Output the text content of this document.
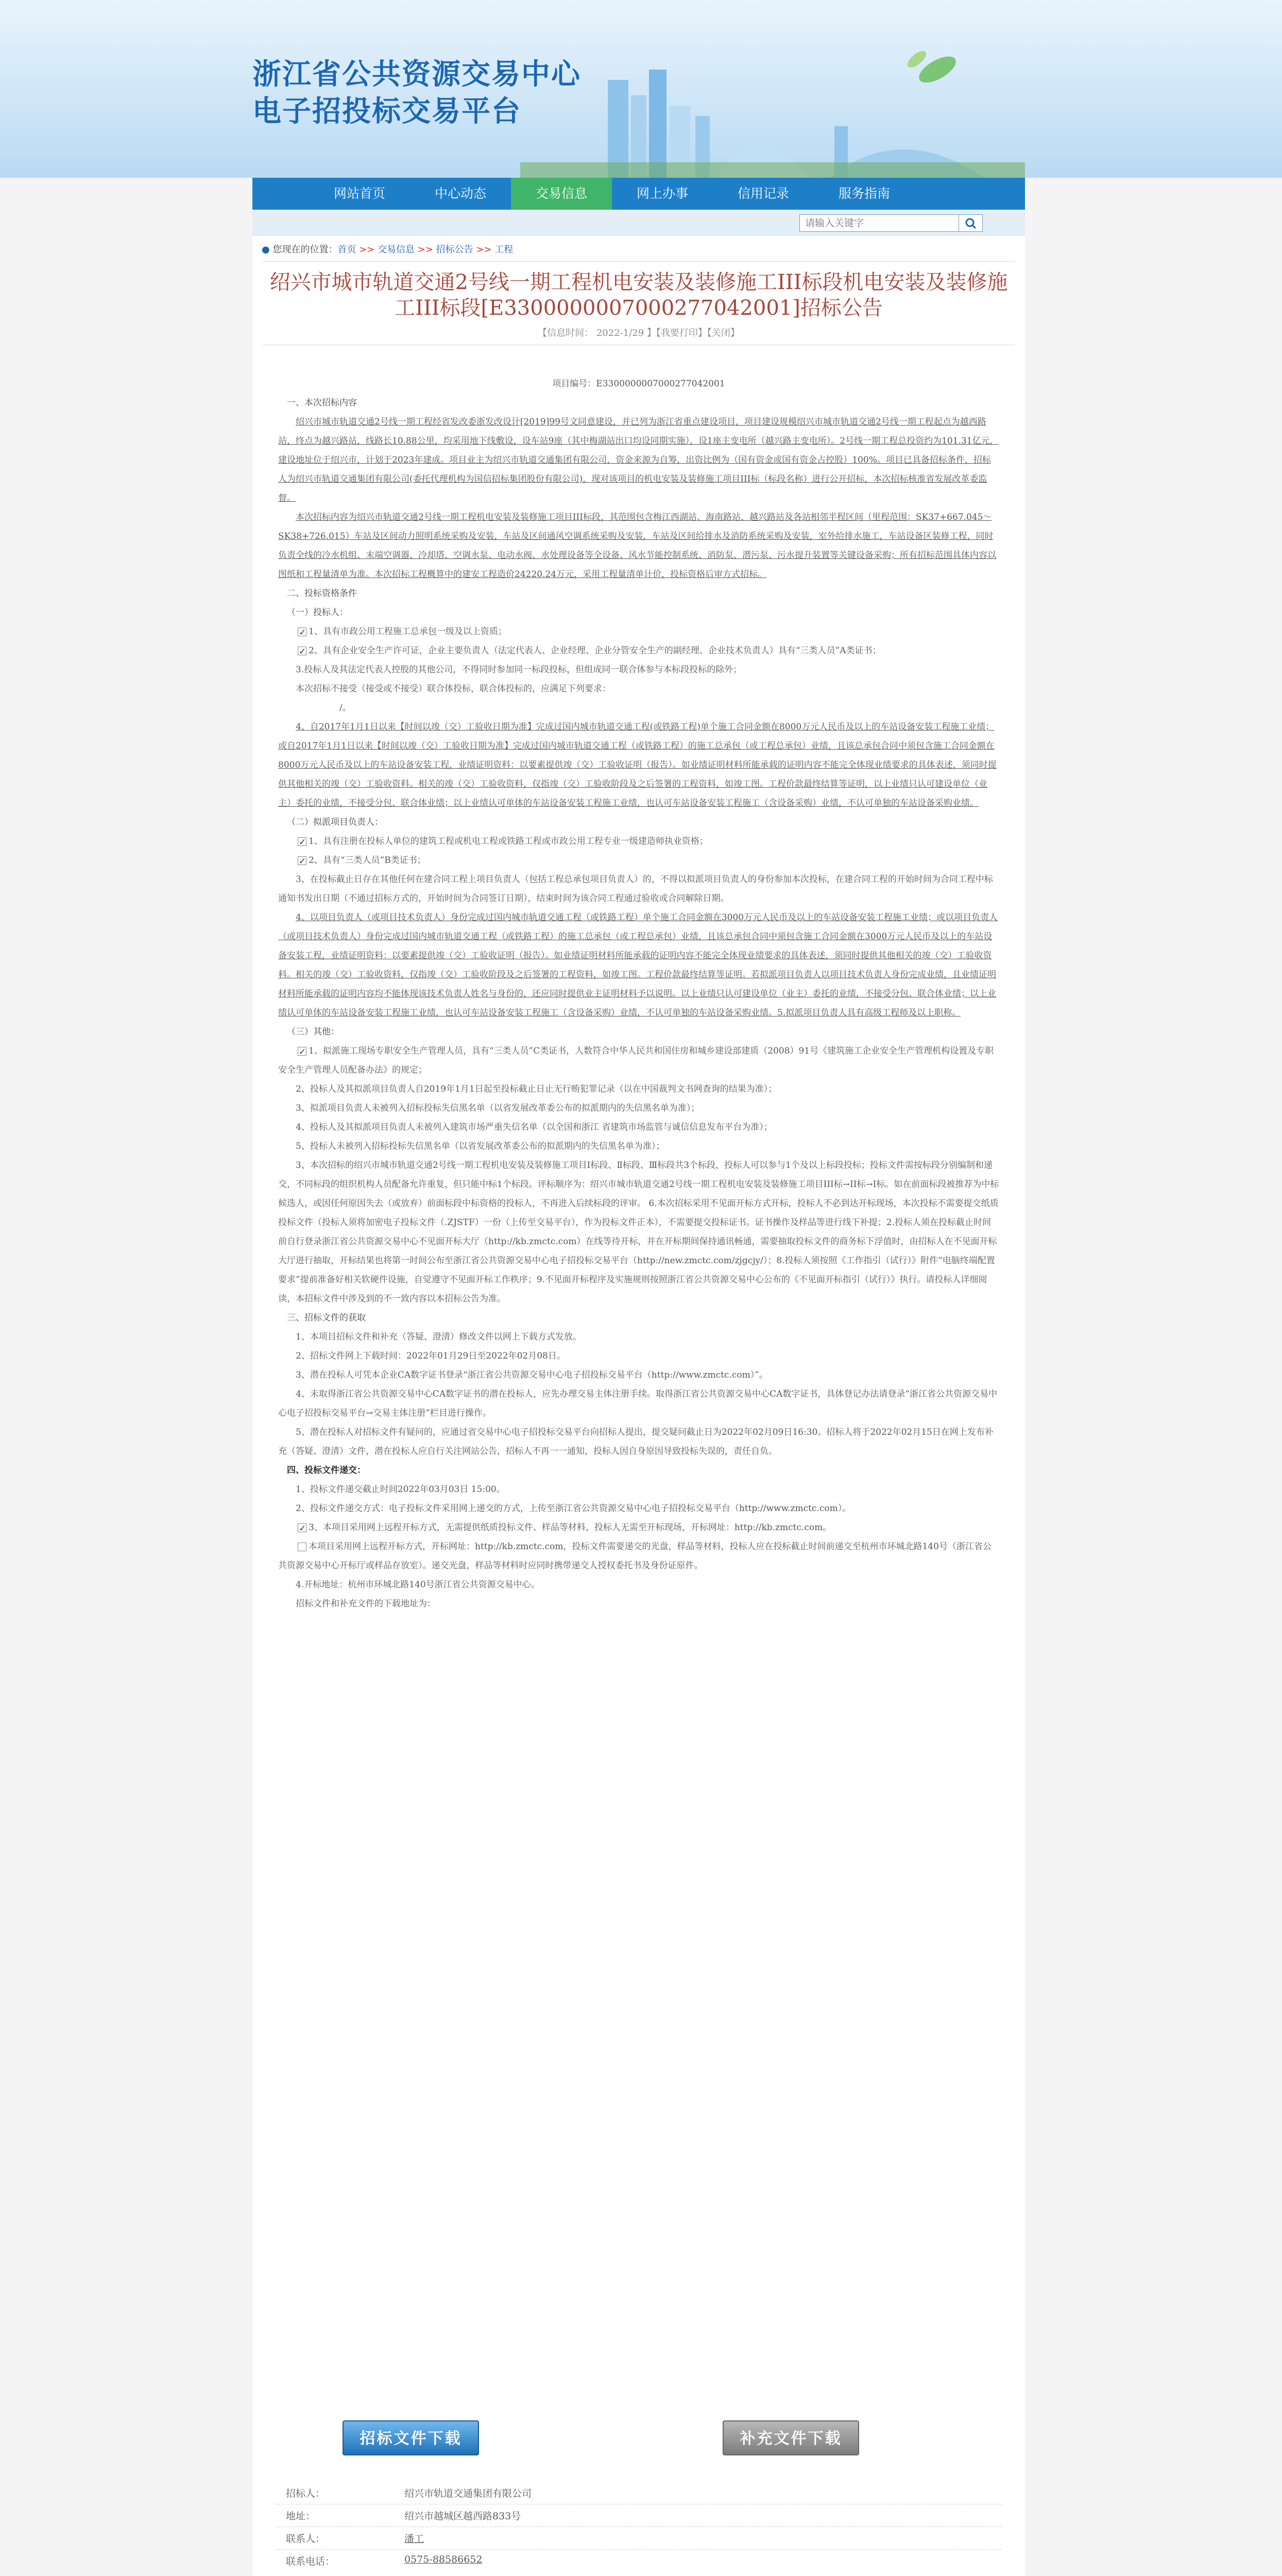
浙江省公共资源交易中心
电子招投标交易平台
网站首页	中心动态	交易信息	网上办事	信用记录	服务指南
请输入关键字
● 您现在的位置：首页 >> 交易信息 >> 招标公告 >> 工程
绍兴市城市轨道交通2号线一期工程机电安装及装修施工III标段机电安装及装修施工III标段[E3300000007000277042001]招标公告
【信息时间： 2022-1/29 】【我要打印】【关闭】

项目编号：E3300000007000277042001

一、本次招标内容

绍兴市城市轨道交通2号线一期工程经省发改委浙发改设计[2019]99号文同意建设，并已列为浙江省重点建设项目，项目建设规模绍兴市城市轨道交通2号线一期工程起点为越西路站，终点为越兴路站，线路长10.88公里，均采用地下线敷设，设车站9座（其中梅湖站出口均设同期实施），设1座主变电所（越兴路主变电所）。2号线一期工程总投资约为101.31亿元，建设地址位于绍兴市，计划于2023年建成。项目业主为绍兴市轨道交通集团有限公司，资金来源为自筹，出资比例为（国有资金或国有资金占控股）100%。项目已具备招标条件，招标人为绍兴市轨道交通集团有限公司(委托代理机构为国信招标集团股份有限公司)，现对该项目的机电安装及装修施工项目III标（标段名称）进行公开招标，本次招标核准省发展改革委监督。

本次招标内容为绍兴市轨道交通2号线一期工程机电安装及装修施工项目III标段，其范围包含梅江西湖站、海南路站、越兴路站及各站相邻半程区间（里程范围：SK37+667.045～SK38+726.015）车站及区间动力照明系统采购及安装，车站及区间通风空调系统采购及安装，车站及区间给排水及消防系统采购及安装，室外给排水施工，车站设备区装修工程，同时负责全线的冷水机组、末端空调器、冷却塔、空调水泵、电动水阀、水处理设备等全设备、风水节能控制系统、消防泵、潜污泵、污水提升装置等关键设备采购；所有招标范围具体内容以图纸和工程量清单为准。本次招标工程概算中的建安工程造价24220.24万元，采用工程量清单计价，投标资格后审方式招标。

二、投标资格条件

（一）投标人：

✓1、具有市政公用工程施工总承包一级及以上资质；

✓2、具有企业安全生产许可证，企业主要负责人（法定代表人、企业经理、企业分管安全生产的副经理、企业技术负责人）具有“三类人员”A类证书；

3.投标人及其法定代表人控股的其他公司，不得同时参加同一标段投标，但组成同一联合体参与本标段投标的除外；

本次招标不接受（接受或不接受）联合体投标，联合体投标的，应满足下列要求：

/。

4、自2017年1月1日以来【时间以竣（交）工验收日期为准】完成过国内城市轨道交通工程(或铁路工程)单个施工合同金额在8000万元人民币及以上的车站设备安装工程施工业绩；或自2017年1月1日以来【时间以竣（交）工验收日期为准】完成过国内城市轨道交通工程（或铁路工程）的施工总承包（或工程总承包）业绩，且该总承包合同中须包含施工合同金额在8000万元人民币及以上的车站设备安装工程，业绩证明资料：以要素提供竣（交）工验收证明（报告）。如业绩证明材料所能承载的证明内容不能完全体现业绩要求的具体表述，须同时提供其他相关的竣（交）工验收资料。相关的竣（交）工验收资料，仅指竣（交）工验收阶段及之后签署的工程资料，如竣工图。工程价款最终结算等证明，以上业绩只认可建设单位（业主）委托的业绩，不接受分包、联合体业绩；以上业绩认可单体的车站设备安装工程施工业绩，也认可车站设备安装工程施工（含设备采购）业绩，不认可单独的车站设备采购业绩。

（二）拟派项目负责人：

✓1、具有注册在投标人单位的建筑工程或机电工程或铁路工程或市政公用工程专业一级建造师执业资格；

✓2、具有“三类人员”B类证书；

3、在投标截止日存在其他任何在建合同工程上项目负责人（包括工程总承包项目负责人）的，不得以拟派项目负责人的身份参加本次投标，在建合同工程的开始时间为合同工程中标通知书发出日期（不通过招标方式的，开始时间为合同签订日期），结束时间为该合同工程通过验收或合同解除日期。

4、以项目负责人（或项目技术负责人）身份完成过国内城市轨道交通工程（或铁路工程）单个施工合同金额在3000万元人民币及以上的车站设备安装工程施工业绩；或以项目负责人（或项目技术负责人）身份完成过国内城市轨道交通工程（或铁路工程）的施工总承包（或工程总承包）业绩，且该总承包合同中须包含施工合同金额在3000万元人民币及以上的车站设备安装工程，业绩证明资料：以要素提供竣（交）工验收证明（报告）。如业绩证明材料所能承载的证明内容不能完全体现业绩要求的具体表述，须同时提供其他相关的竣（交）工验收资料。相关的竣（交）工验收资料，仅指竣（交）工验收阶段及之后签署的工程资料，如竣工图。工程价款最终结算等证明。若拟派项目负责人以项目技术负责人身份完成业绩，且业绩证明材料所能承载的证明内容均不能体现该技术负责人姓名与身份的，还应同时提供业主证明材料予以说明。以上业绩只认可建设单位（业主）委托的业绩，不接受分包、联合体业绩；以上业绩认可单体的车站设备安装工程施工业绩，也认可车站设备安装工程施工（含设备采购）业绩，不认可单独的车站设备采购业绩。5.拟派项目负责人具有高级工程师及以上职称。

（三）其他：

✓1、拟派施工现场专职安全生产管理人员，具有“三类人员”C类证书，人数符合中华人民共和国住房和城乡建设部建质（2008）91号《建筑施工企业安全生产管理机构设置及专职安全生产管理人员配备办法》的规定；

2、投标人及其拟派项目负责人自2019年1月1日起至投标截止日止无行贿犯罪记录（以在中国裁判文书网查询的结果为准）；

3、拟派项目负责人未被列入招标投标失信黑名单（以省发展改革委公布的拟派期内的失信黑名单为准）；

4、投标人及其拟派项目负责人未被列入建筑市场严重失信名单（以全国和浙江 省建筑市场监管与诚信信息发布平台为准）；

5、投标人未被列入招标投标失信黑名单（以省发展改革委公布的拟派期内的失信黑名单为准）；

3、本次招标的绍兴市城市轨道交通2号线一期工程机电安装及装修施工项目Ⅰ标段、Ⅱ标段、Ⅲ标段共3个标段，投标人可以参与1个及以上标段投标；投标文件需按标段分别编制和递交，不同标段的组织机构人员配备允许重复，但只能中标1个标段。评标顺序为：绍兴市城市轨道交通2号线一期工程机电安装及装修施工项目III标→II标→Ⅰ标。如在前面标段被推荐为中标候选人，或因任何原因失去（或放弃）前面标段中标资格的投标人，不再进入后续标段的评审。 6.本次招标采用不见面开标方式开标，投标人不必到达开标现场，本次投标不需要提交纸质投标文件（投标人须将加密电子投标文件（.ZJSTF）一份（上传至交易平台），作为投标文件正本），不需要提交投标证书。证书操作及样品等进行线下补提；2.投标人须在投标截止时间前自行登录浙江省公共资源交易中心不见面开标大厅（http://kb.zmctc.com）在线等待开标，并在开标期间保持通讯畅通，需要抽取投标文件的商务标下浮值时，由招标人在不见面开标大厅进行抽取，开标结果也将第一时间公布至浙江省公共资源交易中心电子招投标交易平台（http://new.zmctc.com/zjgcjy/）；8.投标人须按照《工作指引（试行）》附件“电脑终端配置要求”提前准备好相关软硬件设施，自觉遵守不见面开标工作秩序；9.不见面开标程序及实施规则按照浙江省公共资源交易中心公布的《不见面开标指引（试行）》执行。请投标人详细阅读，本招标文件中涉及到的不一致内容以本招标公告为准。

三、招标文件的获取

1、本项目招标文件和补充（答疑、澄清）修改文件以网上下载方式发放。

2、招标文件网上下载时间：2022年01月29日至2022年02月08日。

3、潜在投标人可凭本企业CA数字证书登录“浙江省公共资源交易中心电子招投标交易平台（http://www.zmctc.com）”。

4、未取得浙江省公共资源交易中心CA数字证书的潜在投标人，应先办理交易主体注册手续。取得浙江省公共资源交易中心CA数字证书，具体登记办法请登录“浙江省公共资源交易中心电子招投标交易平台→交易主体注册”栏目进行操作。

5、潜在投标人对招标文件有疑问的，应通过省交易中心电子招投标交易平台向招标人提出，提交疑问截止日为2022年02月09日16:30。招标人将于2022年02月15日在网上发布补充（答疑、澄清）文件，潜在投标人应自行关注网站公告，招标人不再一一通知，投标人因自身原因导致投标失误的，责任自负。

四、投标文件递交：

1、投标文件递交截止时间2022年03月03日 15:00。

2、投标文件递交方式：电子投标文件采用网上递交的方式，上传至浙江省公共资源交易中心电子招投标交易平台（http://www.zmctc.com）。

✓3、本项目采用网上远程开标方式，无需提供纸质投标文件、样品等材料，投标人无需至开标现场，开标网址：http://kb.zmctc.com。

本项目采用网上远程开标方式，开标网址：http://kb.zmctc.com，投标文件需要递交的光盘，样品等材料，投标人应在投标截止时间前递交至杭州市环城北路140号（浙江省公共资源交易中心开标厅或样品存放室）。递交光盘，样品等材料时应同时携带递交人授权委托书及身份证原件。

4.开标地址：杭州市环城北路140号浙江省公共资源交易中心。

招标文件和补充文件的下载地址为：

招标文件下载	补充文件下载
招标人：	绍兴市轨道交通集团有限公司
地址：	绍兴市越城区越西路833号
联系人：	潘工
联系电话：	0575-88586652
